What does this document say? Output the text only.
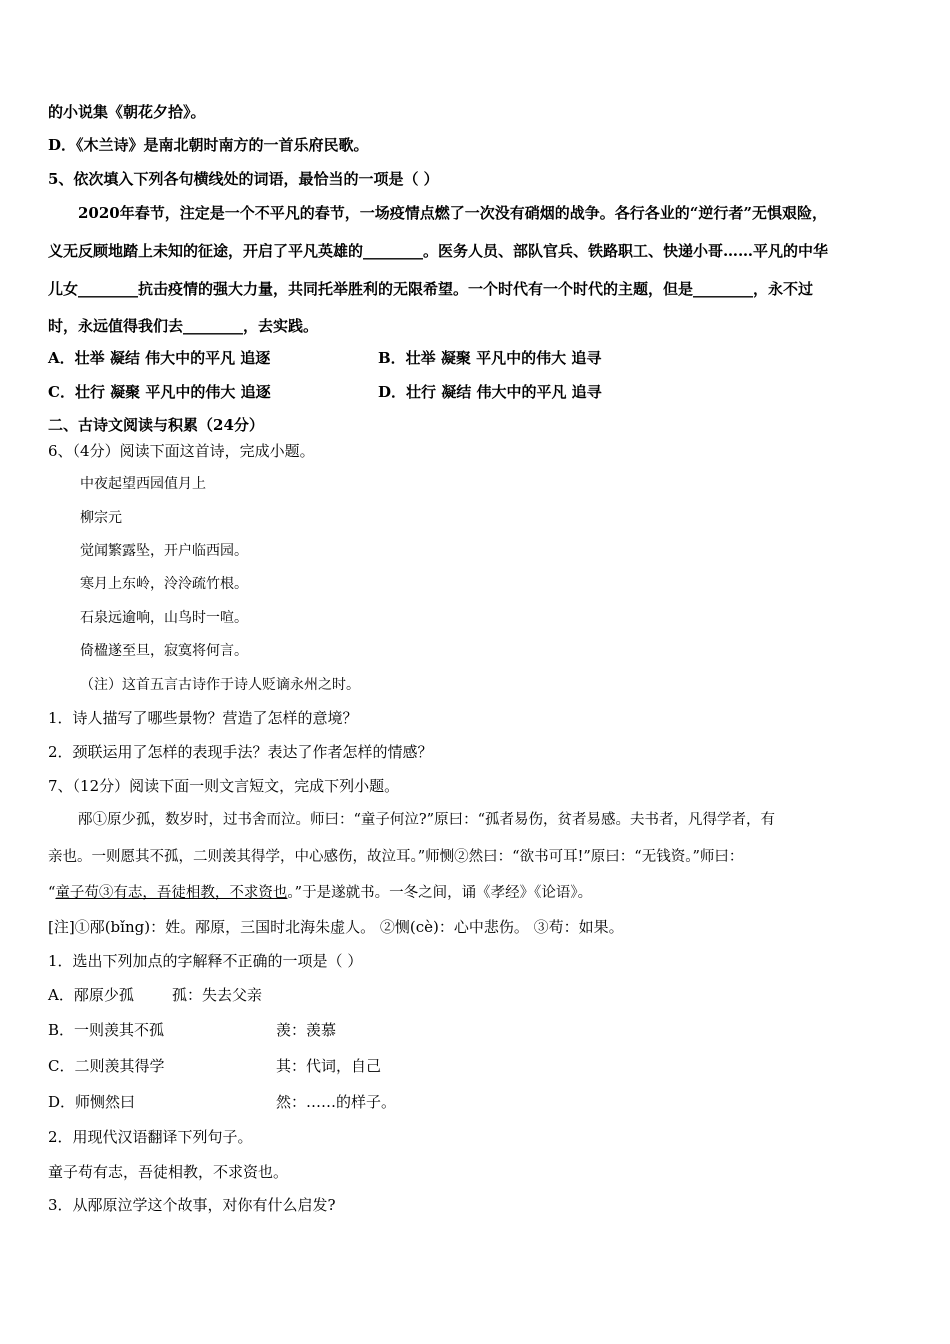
的小说集《朝花夕拾》。
D．《木兰诗》是南北朝时南方的一首乐府民歌。
5、依次填入下列各句横线处的词语，最恰当的一项是（ ）
2020年春节，注定是一个不平凡的春节，一场疫情点燃了一次没有硝烟的战争。各行各业的“逆行者”无惧艰险，
义无反顾地踏上未知的征途，开启了平凡英雄的________。医务人员、部队官兵、铁路职工、快递小哥……平凡的中华
儿女________抗击疫情的强大力量，共同托举胜利的无限希望。一个时代有一个时代的主题，但是________，永不过
时，永远值得我们去________，去实践。
A．壮举 凝结 伟大中的平凡 追逐	B．壮举 凝聚 平凡中的伟大 追寻
C．壮行 凝聚 平凡中的伟大 追逐	D．壮行 凝结 伟大中的平凡 追寻
二、古诗文阅读与积累（24分）
6、（4分）阅读下面这首诗，完成小题。
中夜起望西园值月上
柳宗元
觉闻繁露坠，开户临西园。
寒月上东岭，泠泠疏竹根。
石泉远逾响，山鸟时一喧。
倚楹遂至旦，寂寞将何言。
（注）这首五言古诗作于诗人贬谪永州之时。
1．诗人描写了哪些景物？营造了怎样的意境？
2．颈联运用了怎样的表现手法？表达了作者怎样的情感？
7、（12分）阅读下面一则文言短文，完成下列小题。
邴①原少孤，数岁时，过书舍而泣。师曰：“童子何泣?”原曰：“孤者易伤，贫者易感。夫书者，凡得学者，有
亲也。一则愿其不孤，二则羡其得学，中心感伤，故泣耳。”师恻②然曰：“欲书可耳!”原曰：“无钱资。”师曰：
“童子苟③有志，吾徒相教，不求资也。”于是遂就书。一冬之间，诵《孝经》《论语》。
[注]①邴(bǐng)：姓。邴原，三国时北海朱虚人。 ②恻(cè)：心中悲伤。 ③苟：如果。
1．选出下列加点的字解释不正确的一项是（ ）
A．邴原少孤	孤：失去父亲
B．一则羡其不孤	羡：羡慕
C．二则羡其得学	其：代词，自己
D．师恻然曰	然：……的样子。
2．用现代汉语翻译下列句子。
童子苟有志，吾徒相教，不求资也。
3．从邴原泣学这个故事，对你有什么启发?
